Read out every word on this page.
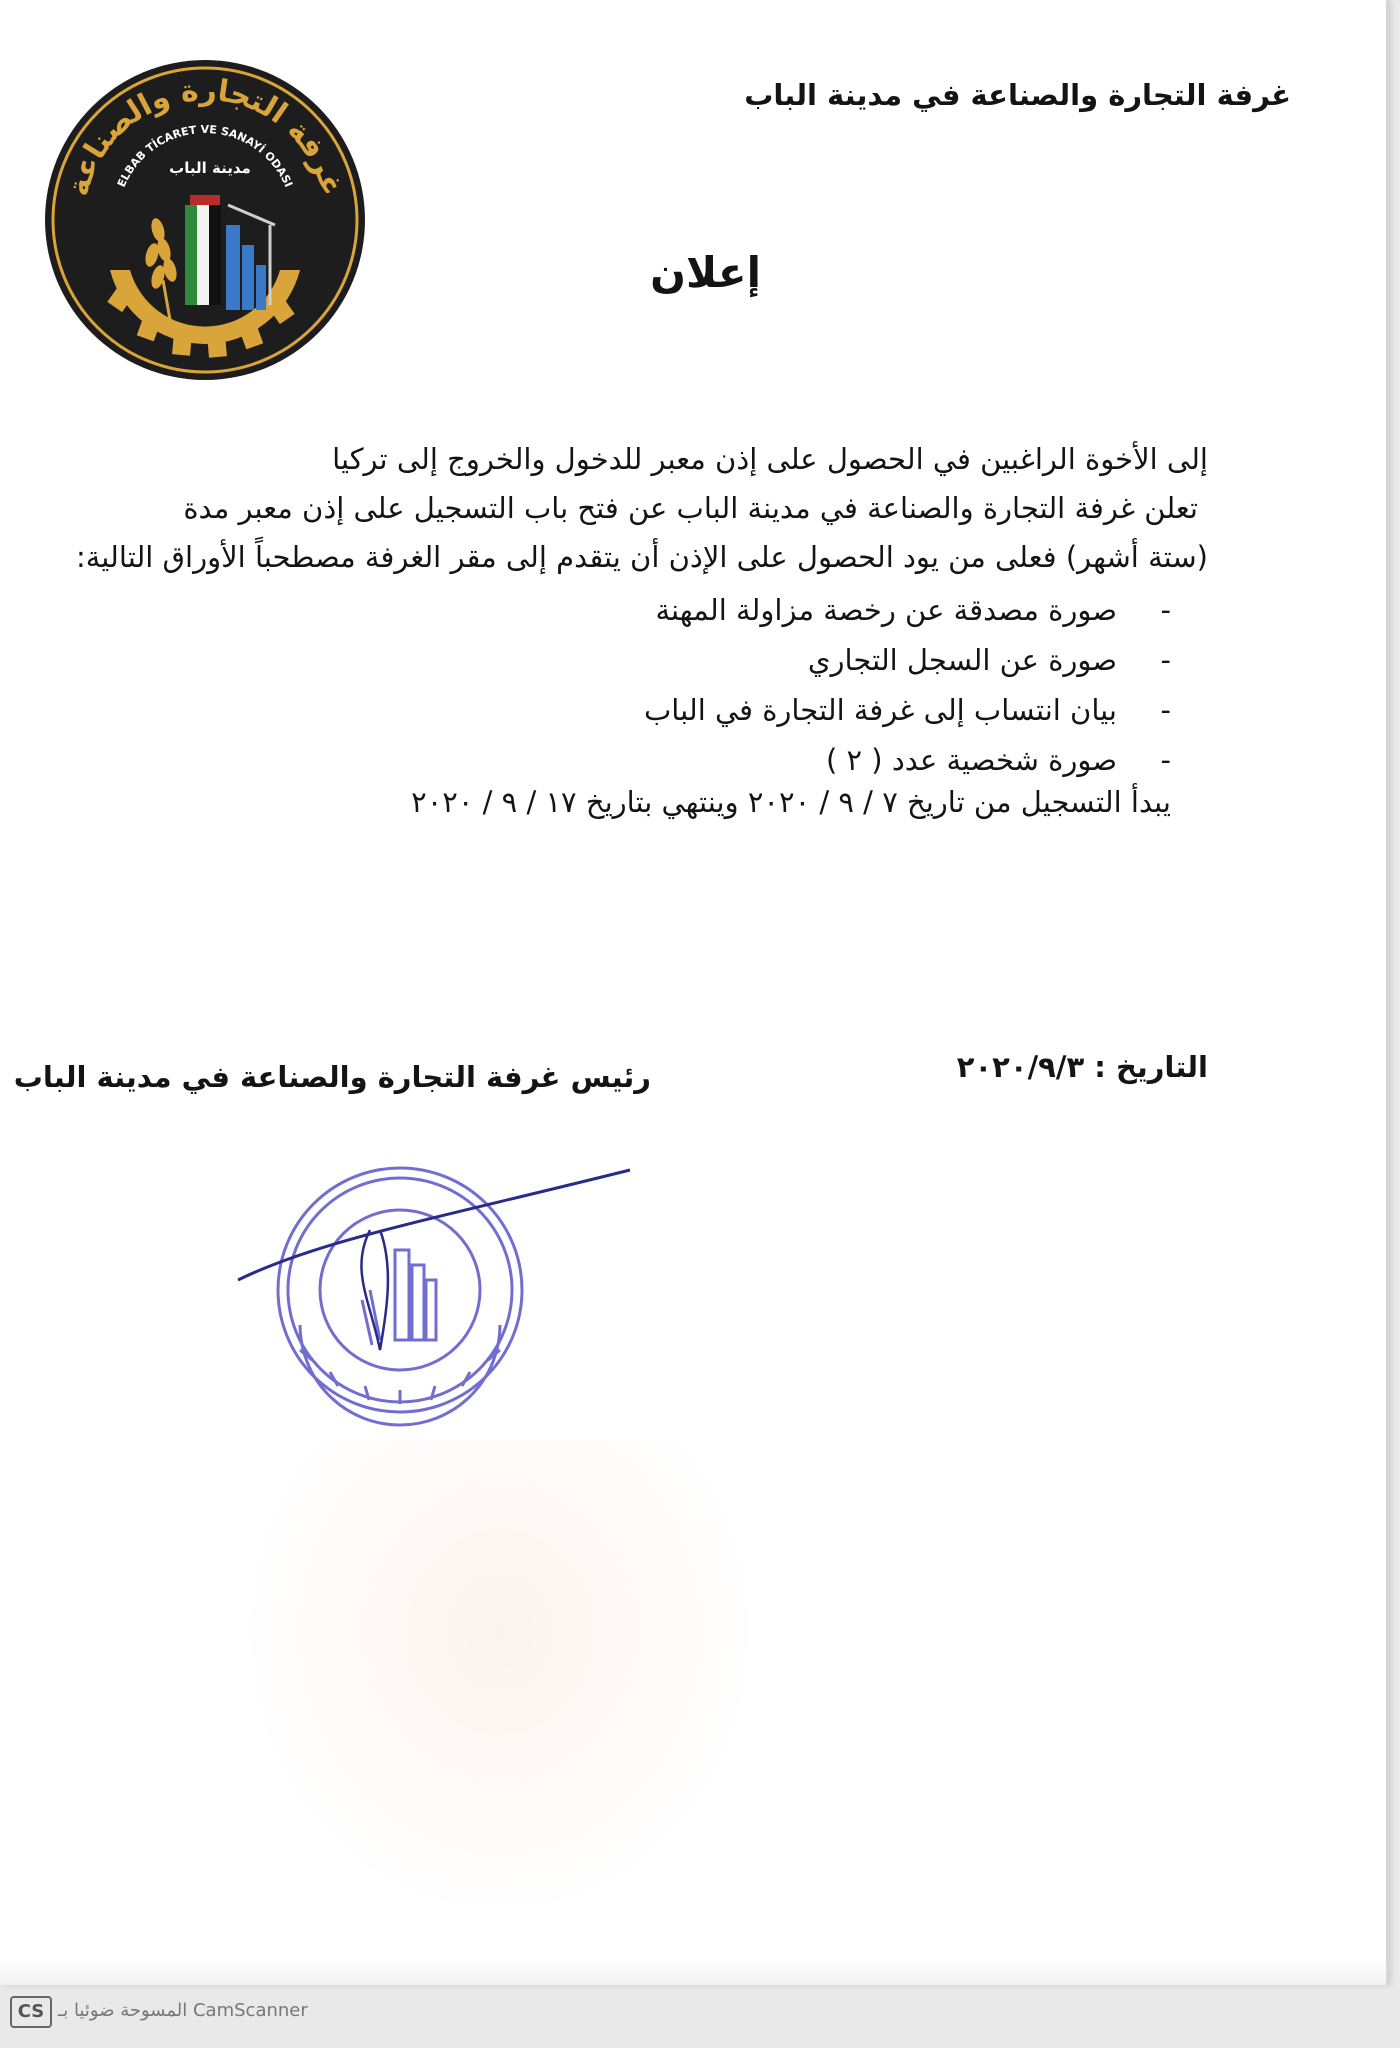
غرفة التجارة والصناعة
ELBAB TİCARET VE SANAYİ ODASI
مدينة الباب
غرفة التجارة والصناعة في مدينة الباب
إعلان
إلى الأخوة الراغبين في الحصول على إذن معبر للدخول والخروج إلى تركيا
تعلن غرفة التجارة والصناعة في مدينة الباب عن فتح باب التسجيل على إذن معبر مدة
(ستة أشهر) فعلى من يود الحصول على الإذن أن يتقدم إلى مقر الغرفة مصطحباً الأوراق التالية:
-صورة مصدقة عن رخصة مزاولة المهنة
-صورة عن السجل التجاري
-بيان انتساب إلى غرفة التجارة في الباب
-صورة شخصية عدد ( ٢ )
يبدأ التسجيل من تاريخ ٧ / ٩ / ٢٠٢٠ وينتهي بتاريخ ١٧ / ٩ / ٢٠٢٠
التاريخ : ٢٠٢٠/٩/٣
رئيس غرفة التجارة والصناعة في مدينة الباب
CS المسوحة ضوئيا بـ CamScanner
